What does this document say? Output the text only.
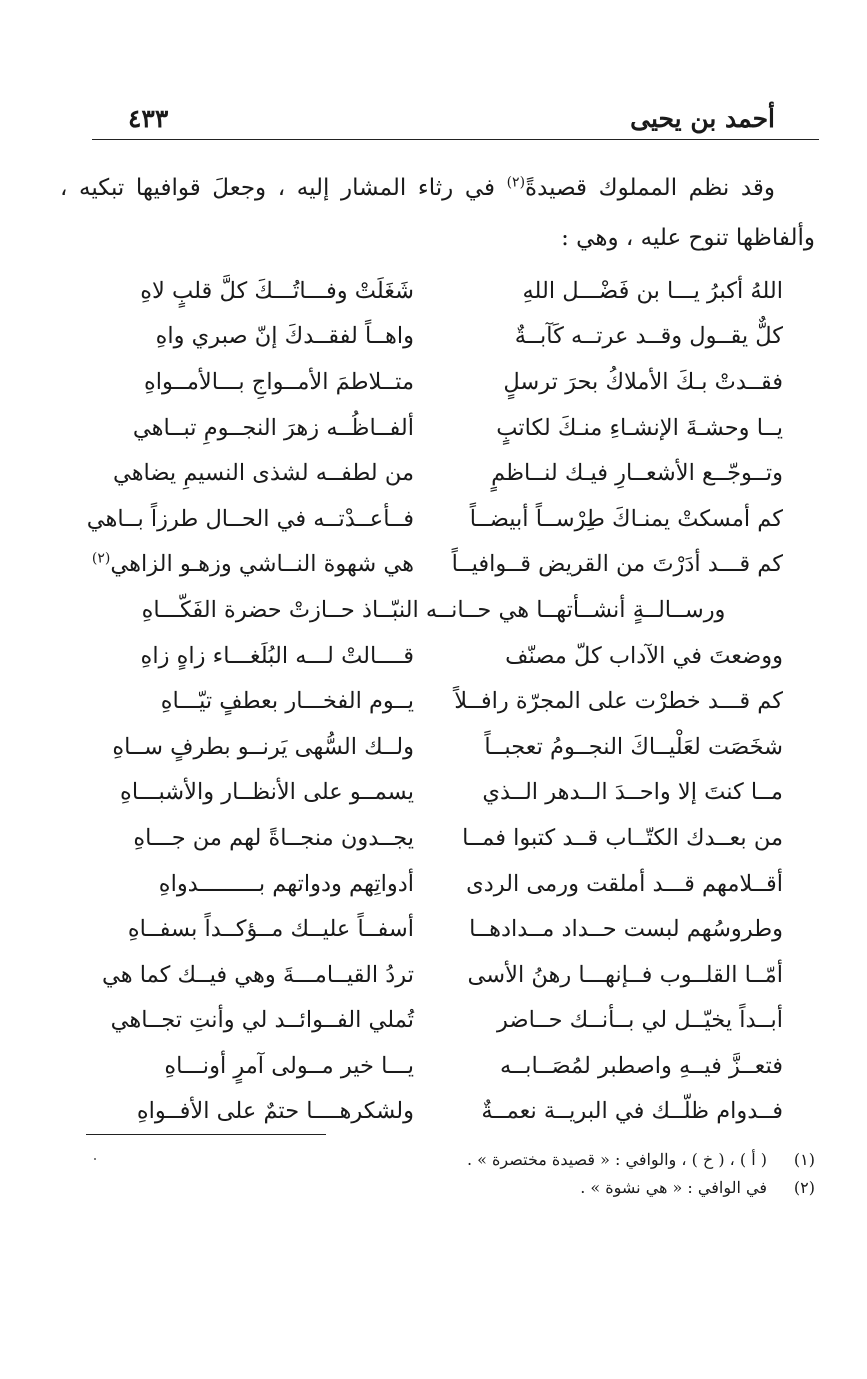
أحمد بن يحيى
٤٣٣

وقد نظم المملوك قصيدةً$^{(٢)}$ في رثاء المشار إليه ، وجعلَ قوافيها تبكيه ، وألفاظها تنوح عليه ، وهي :

اللهُ أكبرُ يـــا بن فَضْـــل اللهِ
شَغَلَتْ وفـــاتُـــكَ كلَّ قلبٍ لاهِ
كلٌّ يقــول وقــد عرتــه كَآبــةٌ
واهــاً لفقــدكَ إنّ صبري واهِ
فقــدتْ بـكَ الأملاكُ بحرَ ترسلٍ
متــلاطمَ الأمــواجِ بـــالأمــواهِ
يــا وحشـةَ الإنشـاءِ منـكَ لكاتبٍ
ألفــاظُــه زهرَ النجــومِ تبــاهي
وتــوجّــع الأشعــارِ فيـك لنــاظمٍ
من لطفــه لشذى النسيمِ يضاهي
كم أمسكتْ يمنـاكَ طِرْســاً أبيضــاً
فــأعــدْتــه في الحــال طرزاً بــاهي
كم قـــد أدَرْتَ من القريض قــوافيــاً
هي شهوة النــاشي وزهـو الزاهي$^{(٢)}$
ورســالــةٍ أنشــأتهــا هي حــانــه النبّــاذ حــازتْ حضرة الفَكّـــاهِ
ووضعتَ في الآداب كلّ مصنّف
قــــالتْ لـــه البُلَغـــاء زاهٍ زاهِ
كم قـــد خطرْت على المجرّة رافــلاً
يــوم الفخـــار بعطفٍ تيّـــاهِ
شخَصَت لعَلْيــاكَ النجــومُ تعجبــاً
ولــك السُّهى يَرنــو بطرفٍ ســاهِ
مــا كنتَ إلا واحــدَ الــدهر الــذي
يسمــو على الأنظــار والأشبـــاهِ
من بعــدك الكتّــاب قــد كتبوا فمــا
يجــدون منجــاةً لهم من جـــاهِ
أقــلامهم قـــد أملقت ورمى الردى
أدواتِهم ودواتهم بـــــــــدواهِ
وطروسُهم لبست حــداد مــدادهــا
أسفــاً عليــك مــؤكــداً بسفــاهِ
أمّــا القلــوب فــإنهـــا رهنُ الأسى
تردُ القيــامـــةَ وهي فيــك كما هي
أبــداً يخيّــل لي بــأنــك حــاضر
تُملي الفــوائــد لي وأنتِ تجــاهي
فتعــزَّ فيــهِ واصطبر لمُصَــابــه
يـــا خير مــولى آمرٍ أونـــاهِ
فــدوام ظلّــك في البريــة نعمــةٌ
ولشكرهــــا حتمٌ على الأفــواهِ
(١)
( أ ) ، ( خ ) ، والوافي : « قصيدة مختصرة » .
(٢)
في الوافي : « هي نشوة » .
